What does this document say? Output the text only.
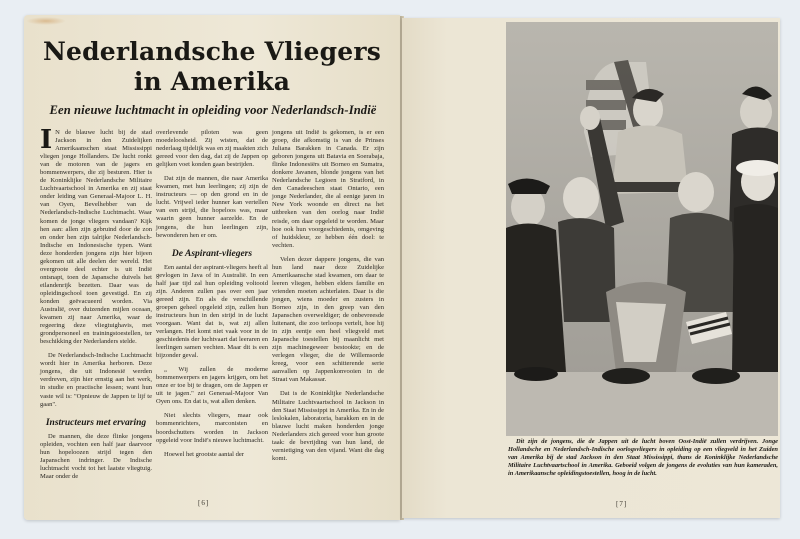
Nederlandsche Vliegers
in Amerika
Een nieuwe luchtmacht in opleiding voor Nederlandsch-Indië

I N de blauwe lucht bij de stad Jackson in den Zuidelijken Amerikaanschen staat Mississippi vliegen jonge Hollanders. De lucht ronkt van de motoren van de jagers en bommenwerpers, die zij besturen. Hier is de Koninklijke Nederlandsche Militaire Luchtvaartschool in Amerika en zij staat onder leiding van Generaal-Majoor L. H. van Oyen, Bevelhebber van de Nederlandsch-Indische Luchtmacht. Waar komen de jonge vliegers vandaan? Kijk hen aan: allen zijn gebruind door de zon en onder hen zijn talrijke Nederlandsch-Indische en Indonesische typen. Want deze honderden jongens zijn hier bijeen gekomen uit alle deelen der wereld. Het overgroote deel echter is uit Indië ontsnapt, toen de Japansche duivels het eilandenrijk bezetten. Daar was de opleidingschool toen gevestigd. En zij konden geëvacueerd worden. Via Australië, over duizenden mijlen oceaan, kwamen zij naar Amerika, waar de regeering deze vliegtuighavis, met grondpersoneel en trainingstoestellen, ter beschikking der Nederlanders stelde.

De Nederlandsch-Indische Luchtmacht wordt hier in Amerika herboren. Deze jongens, die uit Indonesië werden verdreven, zijn hier ernstig aan het werk, in studie en practische lessen; want hun vaste wil is: "Opnieuw de Jappen te lijf te gaan".

Instructeurs met ervaring

De mannen, die deze flinke jongens opleiden, vochten een half jaar daarvoor hun hopeloozen strijd tegen den Japanschen indringer. De Indische luchtmacht vocht tot het laatste vliegtuig. Maar onder de

overlevende piloten was geen moedeloosheid. Zij wisten, dat de nederlaag tijdelijk was en zij maakten zich gereed voor den dag, dat zij de Jappen op gelijken voet konden gaan bestrijden.

Dat zijn de mannen, die naar Amerika kwamen, met hun leerlingen; zij zijn de instructeurs — op den grond en in de lucht. Vrijwel ieder hunner kan vertellen van een strijd, die hopeloos was, maar waarin geen hunner aarzelde. En de jongens, die hun leerlingen zijn, bewonderen hen er om.

De Aspirant-vliegers

Een aantal der aspirant-vliegers heeft al gevlogen in Java of in Australië. In een half jaar tijd zal hun opleiding voltooid zijn. Anderen zullen pas over een jaar gereed zijn. En als de verschillende groepen geheel opgeleid zijn, zullen hun instructeurs hun in den strijd in de lucht voorgaan. Want dat is, wat zij allen verlangen. Het komt niet vaak voor in de geschiedenis der luchtvaart dat leeraren en leerlingen samen vechten. Maar dit is een bijzonder geval.

„ Wij zullen de moderne bommenwerpers en jagers krijgen, om het onze er toe bij te dragen, om de Jappen er uit te jagen." zei Generaal-Majoor Van Oyen ons. En dat is, wat allen denken.

Niet slechts vliegers, maar ook bommenrichters, marconisten en boordschutters worden in Jackson opgeleid voor Indië's nieuwe luchtmacht.

Hoewel het grootste aantal der

jongens uit Indië is gekomen, is er een groep, die afkomstig is van de Prinses Juliana Barakken in Canada. Er zijn geboren jongens uit Batavia en Soerabaja, flinke Indonesiërs uit Borneo en Sumatra, donkere Javanen, blonde jongens van het Nederlandsche Legioen in Stratford, in den Canadeeschen staat Ontario, een jonge Nederlander, die al eenige jaren in New York woonde en direct na het uitbreken van den oorlog naar Indië reisde, om daar opgeleid te worden. Maar hoe ook hun voorgeschiedenis, omgeving of huidskleur, ze hebben één doel: te vechten.

Velen dezer dappere jongens, die van hun land naar deze Zuidelijke Amerikaansche stad kwamen, om daar te leeren vliegen, hebben elders familie en vrienden moeten achterlaten. Daar is die jongen, wiens moeder en zusters in Borneo zijn, in den greep van den Japanschen overweldiger; de onbevreesde luitenant, die zoo terloops vertelt, hoe hij in zijn eentje een heel vliegveld met Japansche toestellen bij maanlicht met zijn machinegeweer bestookte; en de verlegen vlieger, die de Willemsorde kreeg, voor een schitterende serie aanvallen op Jappenkonvooien in de Straat van Makassar.

Dat is de Koninklijke Nederlandsche Militaire Luchtvaartschool in Jackson in den Staat Mississippi in Amerika. En in de leslokalen, laboratoria, barakken en in de blauwe lucht maken honderden jonge Nederlanders zich gereed voor hun groote taak: de bevrijding van hun land, de vernietiging van den vijand. Want die dag komt.

[6]

Dit zijn de jongens, die de Jappen uit de lucht boven Oost-Indië zullen verdrijven. Jonge Hollandsche en Nederlandsch-Indische oorlogsvliegers in opleiding op een vliegveld in het Zuiden van Amerika bij de stad Jackson in den Staat Mississippi, thans de Koninklijke Nederlandsche Militaire Luchtvaartschool in Amerika. Geboeid volgen de jongens de evoluties van hun kameraden, in Amerikaansche opleidingstoestellen, hoog in de lucht.

[7]
